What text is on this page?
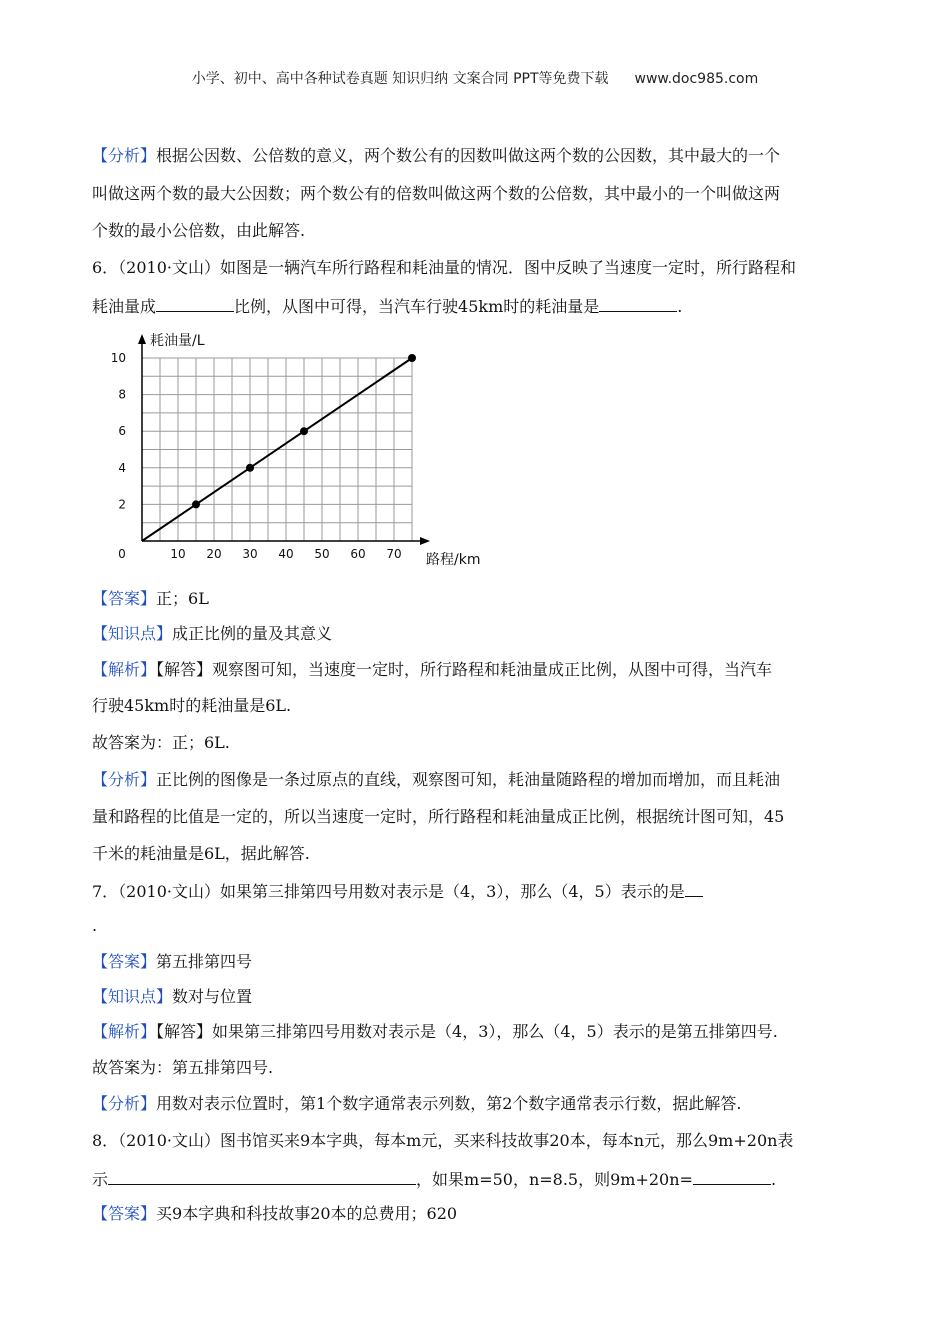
小学、初中、高中各种试卷真题 知识归纳 文案合同 PPT等免费下载 www.doc985.com
【分析】根据公因数、公倍数的意义，两个数公有的因数叫做这两个数的公因数，其中最大的一个
叫做这两个数的最大公因数；两个数公有的倍数叫做这两个数的公倍数，其中最小的一个叫做这两
个数的最小公倍数，由此解答.
6．（2010·文山）如图是一辆汽车所行路程和耗油量的情况．图中反映了当速度一定时，所行路程和
耗油量成	比例，从图中可得，当汽车行驶45km时的耗油量是	.
0	10 20 30 40 50 60 70
2
4
6
8
10
耗油量/L
路程/km
【答案】正；6L
【知识点】成正比例的量及其意义
【解析】【解答】观察图可知，当速度一定时，所行路程和耗油量成正比例，从图中可得，当汽车
行驶45km时的耗油量是6L.
故答案为：正；6L.
【分析】正比例的图像是一条过原点的直线，观察图可知，耗油量随路程的增加而增加，而且耗油
量和路程的比值是一定的，所以当速度一定时，所行路程和耗油量成正比例，根据统计图可知，45
千米的耗油量是6L，据此解答.
7．（2010·文山）如果第三排第四号用数对表示是（4，3），那么（4，5）表示的是
.
【答案】第五排第四号
【知识点】数对与位置
【解析】【解答】如果第三排第四号用数对表示是（4，3），那么（4，5）表示的是第五排第四号.
故答案为：第五排第四号.
【分析】用数对表示位置时，第1个数字通常表示列数，第2个数字通常表示行数，据此解答.
8．（2010·文山）图书馆买来9本字典，每本m元，买来科技故事20本，每本n元，那么9m+20n表
示	，如果m=50，n=8.5，则9m+20n=	.
【答案】买9本字典和科技故事20本的总费用；620
